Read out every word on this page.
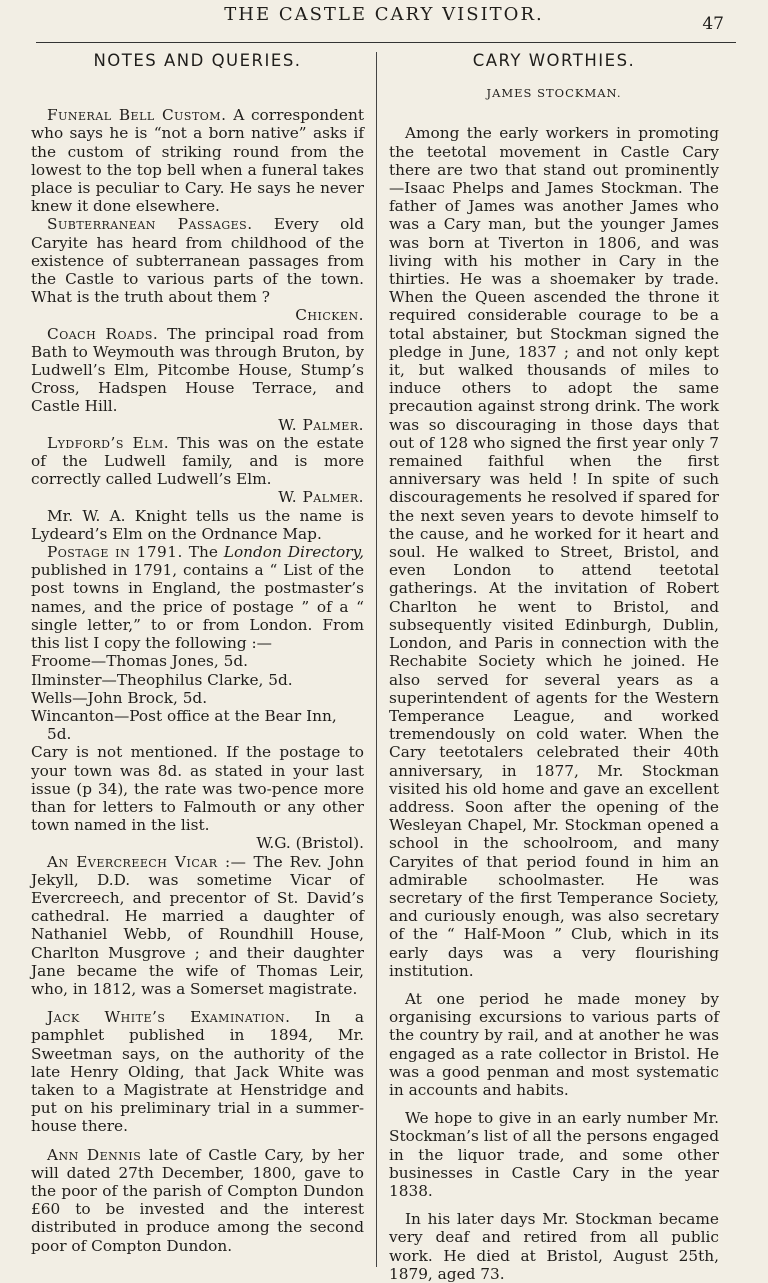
THE CASTLE CARY VISITOR.	47
NOTES AND QUERIES.

Funeral Bell Custom. A correspondent who says he is “not a born native” asks if the custom of striking round from the lowest to the top bell when a funeral takes place is peculiar to Cary. He says he never knew it done elsewhere.

Subterranean Passages. Every old Caryite has heard from childhood of the existence of subterranean passages from the Castle to various parts of the town. What is the truth about them ?

Chicken.

Coach Roads. The principal road from Bath to Weymouth was through Bruton, by Ludwell’s Elm, Pitcombe House, Stump’s Cross, Hadspen House Terrace, and Castle Hill.

W. Palmer.

Lydford’s Elm. This was on the estate of the Ludwell family, and is more correctly called Ludwell’s Elm.

W. Palmer.

Mr. W. A. Knight tells us the name is Lydeard’s Elm on the Ordnance Map.

Postage in 1791. The London Directory, published in 1791, contains a “ List of the post towns in England, the postmaster’s names, and the price of postage ” of a “ single letter,” to or from London. From this list I copy the following :—

Froome—Thomas Jones, 5d.

Ilminster—Theophilus Clarke, 5d.

Wells—John Brock, 5d.

Wincanton—Post office at the Bear Inn,

5d.

Cary is not mentioned. If the postage to your town was 8d. as stated in your last issue (p 34), the rate was two-pence more than for letters to Falmouth or any other town named in the list.

W.G. (Bristol).

An Evercreech Vicar :— The Rev. John Jekyll, D.D. was sometime Vicar of Evercreech, and precentor of St. David’s cathedral. He married a daughter of Nathaniel Webb, of Roundhill House, Charlton Musgrove ; and their daughter Jane became the wife of Thomas Leir, who, in 1812, was a Somerset magistrate.

Jack White’s Examination. In a pamphlet published in 1894, Mr. Sweetman says, on the authority of the late Henry Olding, that Jack White was taken to a Magistrate at Henstridge and put on his preliminary trial in a summer-house there.

Ann Dennis late of Castle Cary, by her will dated 27th December, 1800, gave to the poor of the parish of Compton Dundon £60 to be invested and the interest distributed in produce among the second poor of Compton Dundon.

CARY WORTHIES.
JAMES STOCKMAN.

Among the early workers in promoting the teetotal movement in Castle Cary there are two that stand out prominently —Isaac Phelps and James Stockman. The father of James was another James who was a Cary man, but the younger James was born at Tiverton in 1806, and was living with his mother in Cary in the thirties. He was a shoemaker by trade. When the Queen ascended the throne it required considerable courage to be a total abstainer, but Stockman signed the pledge in June, 1837 ; and not only kept it, but walked thousands of miles to induce others to adopt the same precaution against strong drink. The work was so discouraging in those days that out of 128 who signed the first year only 7 remained faithful when the first anniversary was held ! In spite of such discouragements he resolved if spared for the next seven years to devote himself to the cause, and he worked for it heart and soul. He walked to Street, Bristol, and even London to attend teetotal gatherings. At the invitation of Robert Charlton he went to Bristol, and subsequently visited Edinburgh, Dublin, London, and Paris in connection with the Rechabite Society which he joined. He also served for several years as a superintendent of agents for the Western Temperance League, and worked tremendously on cold water. When the Cary teetotalers celebrated their 40th anniversary, in 1877, Mr. Stockman visited his old home and gave an excellent address. Soon after the opening of the Wesleyan Chapel, Mr. Stockman opened a school in the schoolroom, and many Caryites of that period found in him an admirable schoolmaster. He was secretary of the first Temperance Society, and curiously enough, was also secretary of the “ Half-Moon ” Club, which in its early days was a very flourishing institution.

At one period he made money by organising excursions to various parts of the country by rail, and at another he was engaged as a rate collector in Bristol. He was a good penman and most systematic in accounts and habits.

We hope to give in an early number Mr. Stockman’s list of all the persons engaged in the liquor trade, and some other businesses in Castle Cary in the year 1838.

In his later days Mr. Stockman became very deaf and retired from all public work. He died at Bristol, August 25th, 1879, aged 73.
